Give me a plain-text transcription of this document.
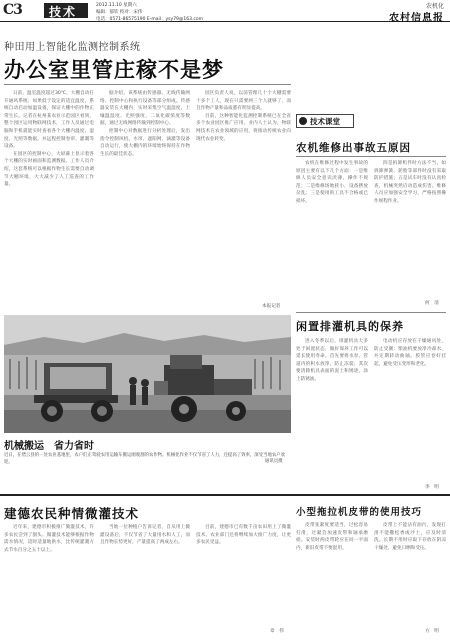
C3 技术	2012.11.10 星期六
编辑：郁钦 校对：宋伟
电话：0571-86575190 E-mail：ysy79@163.com
农机化
农村信息报
种田用上智能化监测控制系统
办公室里管庄稼不是梦

日前，温室温度超过30℃，大棚自动打开通风系统；如果低于设定的适宜温度，系统自动启动加温设备，保证大棚中的作物正常生长。记者在杭州某农业示范园区看到，整个园区运用物联网技术，工作人员通过电脑和手机就能实时查看各个大棚内温度、湿度、光照等数据，并远程控制卷帘、灌溉等设备。

在园区的控制中心，大屏幕上显示着各个大棚的实时画面和监测数据。工作人员介绍，这套系统可以根据作物生长需要自动调节大棚环境，大大减少了人工巡查的工作量。

据介绍，该系统由传感器、无线传输网络、控制中心和执行设备等部分组成。传感器安装在大棚内，实时采集空气温湿度、土壤温湿度、光照强度、二氧化碳浓度等数据，通过无线网络传输到控制中心。

控制中心对数据进行分析处理后，发出指令控制风机、水帘、遮阳网、滴灌等设备自动运行，使大棚内的环境始终保持在作物生长的最佳状态。

园区负责人说，以前管理几十个大棚需要十多个工人，现在只需要两三个人就够了，而且作物产量和品质都有明显提高。

目前，这种智能化监测控制系统已在全省多个农业园区推广应用。业内人士认为，物联网技术在农业领域的应用，将推动传统农业向现代农业转变。

本报记者
机械搬运　省力省时
近日，在缙云县的一处农业基地里，农户们正驾驶农用运输车搬运刚收割的农作物。机械化作业不仅节省了人力，还提高了效率，深受当地农户欢迎。	通讯员摄
技术课堂
农机维修出事故五原因

农机在维修过程中发生事故的原因主要有以下几个方面：一是维修人员安全意识淡薄，操作不规范；二是维修场地狭小，设备摆放杂乱；三是使用的工具不合格或已损坏。

四是拆卸机件时方法不当，如拆卸弹簧、轮胎等部件时没有采取防护措施；五是试车时没有认真检查，机械突然启动造成伤害。维修人员应加强安全学习，严格按照操作规程作业。

何　清
闲置排灌机具的保养

进入冬季以后，排灌机具大多处于闲置状态，做好保养工作可以延长使用寿命。首先要将水泵、管道内的积水放净，防止冻裂；其次要清除机具表面的泥土和锈迹，涂上防锈油。

电动机应存放在干燥通风处，防止受潮；柴油机要放净冷却水，并定期转动曲轴。胶管应卷好挂起，避免受压变形和老化。

李　明
建德农民种情微灌技术

近年来，建德市积极推广微灌技术，许多农民尝到了甜头。微灌技术能够根据作物需水情况，适时适量地供水，比传统灌溉方式节水百分之五十以上。

当地一位种植户告诉记者，自从用上微灌设备后，不仅节省了大量用水和人工，而且作物长势更好，产量提高了两成左右。

目前，建德市已有数千亩农田用上了微灌技术，农业部门还将继续加大推广力度，让更多农民受益。

章　伟
小型拖拉机皮带的使用技巧

皮带张紧度要适当，过松容易打滑，过紧会加速皮带和轴承磨损。安装时两皮带轮应在同一平面内，新旧皮带不要混用。

皮带上不能沾有油污，发现打滑不能撒松香或沙土，应及时清洗。长期不用时应取下存放在阴凉干燥处，避免日晒和受压。

方　明
